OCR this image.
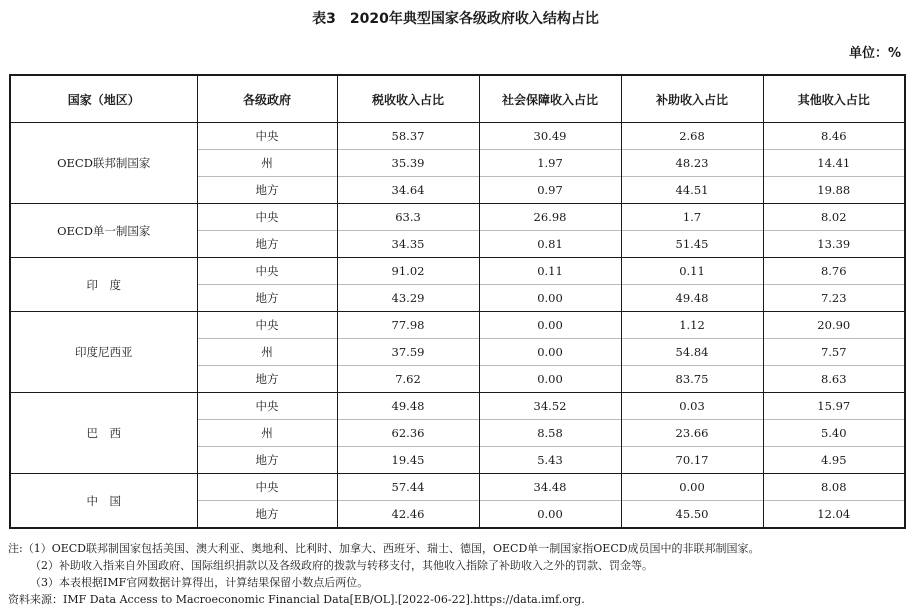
表3　2020年典型国家各级政府收入结构占比
单位：%
国家（地区）	各级政府	税收收入占比	社会保障收入占比	补助收入占比	其他收入占比
OECD联邦制国家	中央	58.37	30.49	2.68	8.46
	州	35.39	1.97	48.23	14.41
	地方	34.64	0.97	44.51	19.88
OECD单一制国家	中央	63.3	26.98	1.7	8.02
	地方	34.35	0.81	51.45	13.39
印　度	中央	91.02	0.11	0.11	8.76
	地方	43.29	0.00	49.48	7.23
印度尼西亚	中央	77.98	0.00	1.12	20.90
	州	37.59	0.00	54.84	7.57
	地方	7.62	0.00	83.75	8.63
巴　西	中央	49.48	34.52	0.03	15.97
	州	62.36	8.58	23.66	5.40
	地方	19.45	5.43	70.17	4.95
中　国	中央	57.44	34.48	0.00	8.08
	地方	42.46	0.00	45.50	12.04
注:（1）OECD联邦制国家包括美国、澳大利亚、奥地利、比利时、加拿大、西班牙、瑞士、德国，OECD单一制国家指OECD成员国中的非联邦制国家。
（2）补助收入指来自外国政府、国际组织捐款以及各级政府的拨款与转移支付，其他收入指除了补助收入之外的罚款、罚金等。
（3）本表根据IMF官网数据计算得出，计算结果保留小数点后两位。
资料来源：IMF Data Access to Macroeconomic Financial Data[EB/OL].[2022-06-22].https://data.imf.org.
